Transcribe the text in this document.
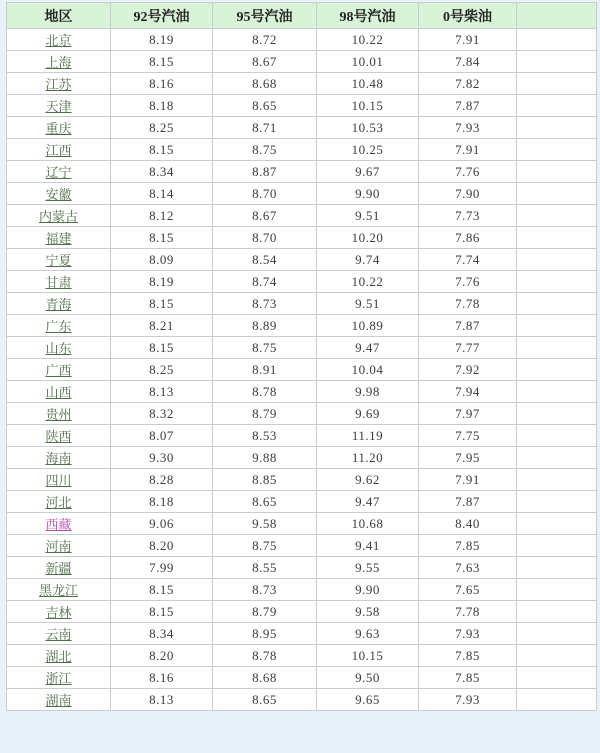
地区	92号汽油	95号汽油	98号汽油	0号柴油	
北京	8.19	8.72	10.22	7.91	
上海	8.15	8.67	10.01	7.84	
江苏	8.16	8.68	10.48	7.82	
天津	8.18	8.65	10.15	7.87	
重庆	8.25	8.71	10.53	7.93	
江西	8.15	8.75	10.25	7.91	
辽宁	8.34	8.87	9.67	7.76	
安徽	8.14	8.70	9.90	7.90	
内蒙古	8.12	8.67	9.51	7.73	
福建	8.15	8.70	10.20	7.86	
宁夏	8.09	8.54	9.74	7.74	
甘肃	8.19	8.74	10.22	7.76	
青海	8.15	8.73	9.51	7.78	
广东	8.21	8.89	10.89	7.87	
山东	8.15	8.75	9.47	7.77	
广西	8.25	8.91	10.04	7.92	
山西	8.13	8.78	9.98	7.94	
贵州	8.32	8.79	9.69	7.97	
陕西	8.07	8.53	11.19	7.75	
海南	9.30	9.88	11.20	7.95	
四川	8.28	8.85	9.62	7.91	
河北	8.18	8.65	9.47	7.87	
西藏	9.06	9.58	10.68	8.40	
河南	8.20	8.75	9.41	7.85	
新疆	7.99	8.55	9.55	7.63	
黑龙江	8.15	8.73	9.90	7.65	
吉林	8.15	8.79	9.58	7.78	
云南	8.34	8.95	9.63	7.93	
湖北	8.20	8.78	10.15	7.85	
浙江	8.16	8.68	9.50	7.85	
湖南	8.13	8.65	9.65	7.93	
